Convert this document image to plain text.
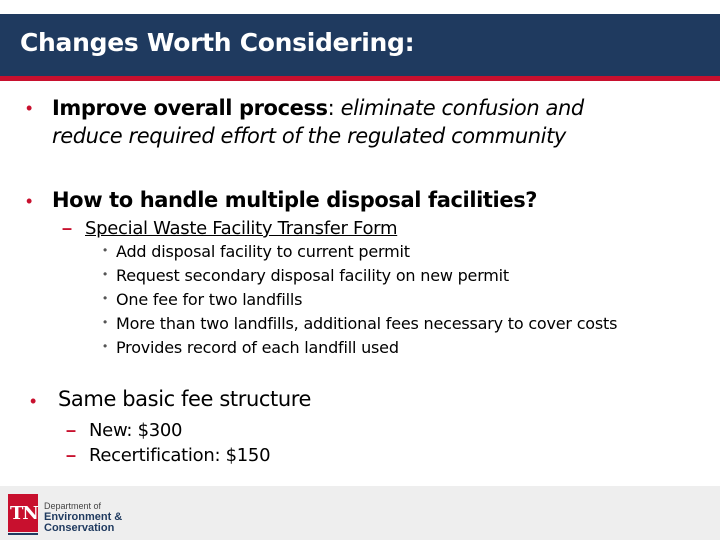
Changes Worth Considering:
• Improve overall process: eliminate confusion and
reduce required effort of the regulated community
• How to handle multiple disposal facilities?
– Special Waste Facility Transfer Form
• Add disposal facility to current permit
• Request secondary disposal facility on new permit
• One fee for two landfills
• More than two landfills, additional fees necessary to cover costs
• Provides record of each landfill used
• Same basic fee structure
– New: $300
– Recertification: $150
TN Department of
Environment &
Conservation
